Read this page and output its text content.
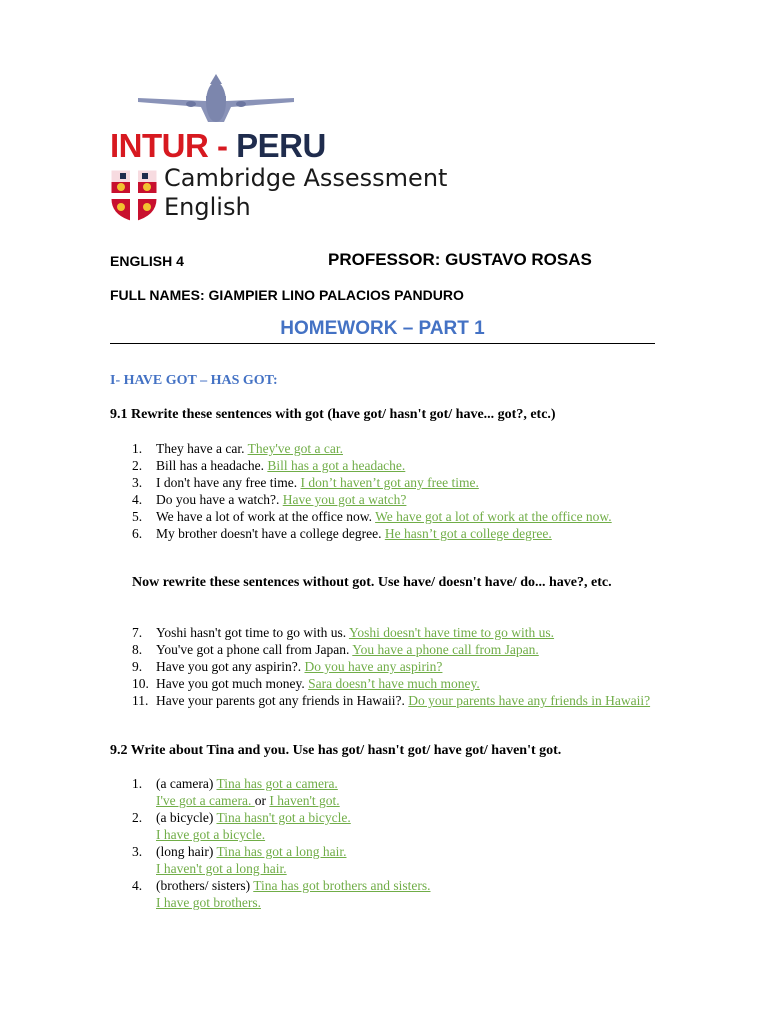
INTUR - PERU
Cambridge Assessment
English
ENGLISH 4	PROFESSOR: GUSTAVO ROSAS
FULL NAMES: GIAMPIER LINO PALACIOS PANDURO
HOMEWORK – PART 1
I- HAVE GOT – HAS GOT:
9.1 Rewrite these sentences with got (have got/ hasn't got/ have... got?, etc.)
1. They have a car. They've got a car.
2. Bill has a headache. Bill has a got a headache.
3. I don't have any free time. I don’t haven’t got any free time.
4. Do you have a watch?. Have you got a watch?
5. We have a lot of work at the office now. We have got a lot of work at the office now.
6. My brother doesn't have a college degree. He hasn’t got a college degree.
Now rewrite these sentences without got. Use have/ doesn't have/ do... have?, etc.
7. Yoshi hasn't got time to go with us. Yoshi doesn't have time to go with us.
8. You've got a phone call from Japan. You have a phone call from Japan.
9. Have you got any aspirin?. Do you have any aspirin?
10. Have you got much money. Sara doesn’t have much money.
11. Have your parents got any friends in Hawaii?. Do your parents have any friends in Hawaii?
9.2 Write about Tina and you. Use has got/ hasn't got/ have got/ haven't got.
1. (a camera) Tina has got a camera.
I've got a camera. or I haven't got.
2. (a bicycle) Tina hasn't got a bicycle.
I have got a bicycle.
3. (long hair) Tina has got a long hair.
I haven't got a long hair.
4. (brothers/ sisters) Tina has got brothers and sisters.
I have got brothers.
